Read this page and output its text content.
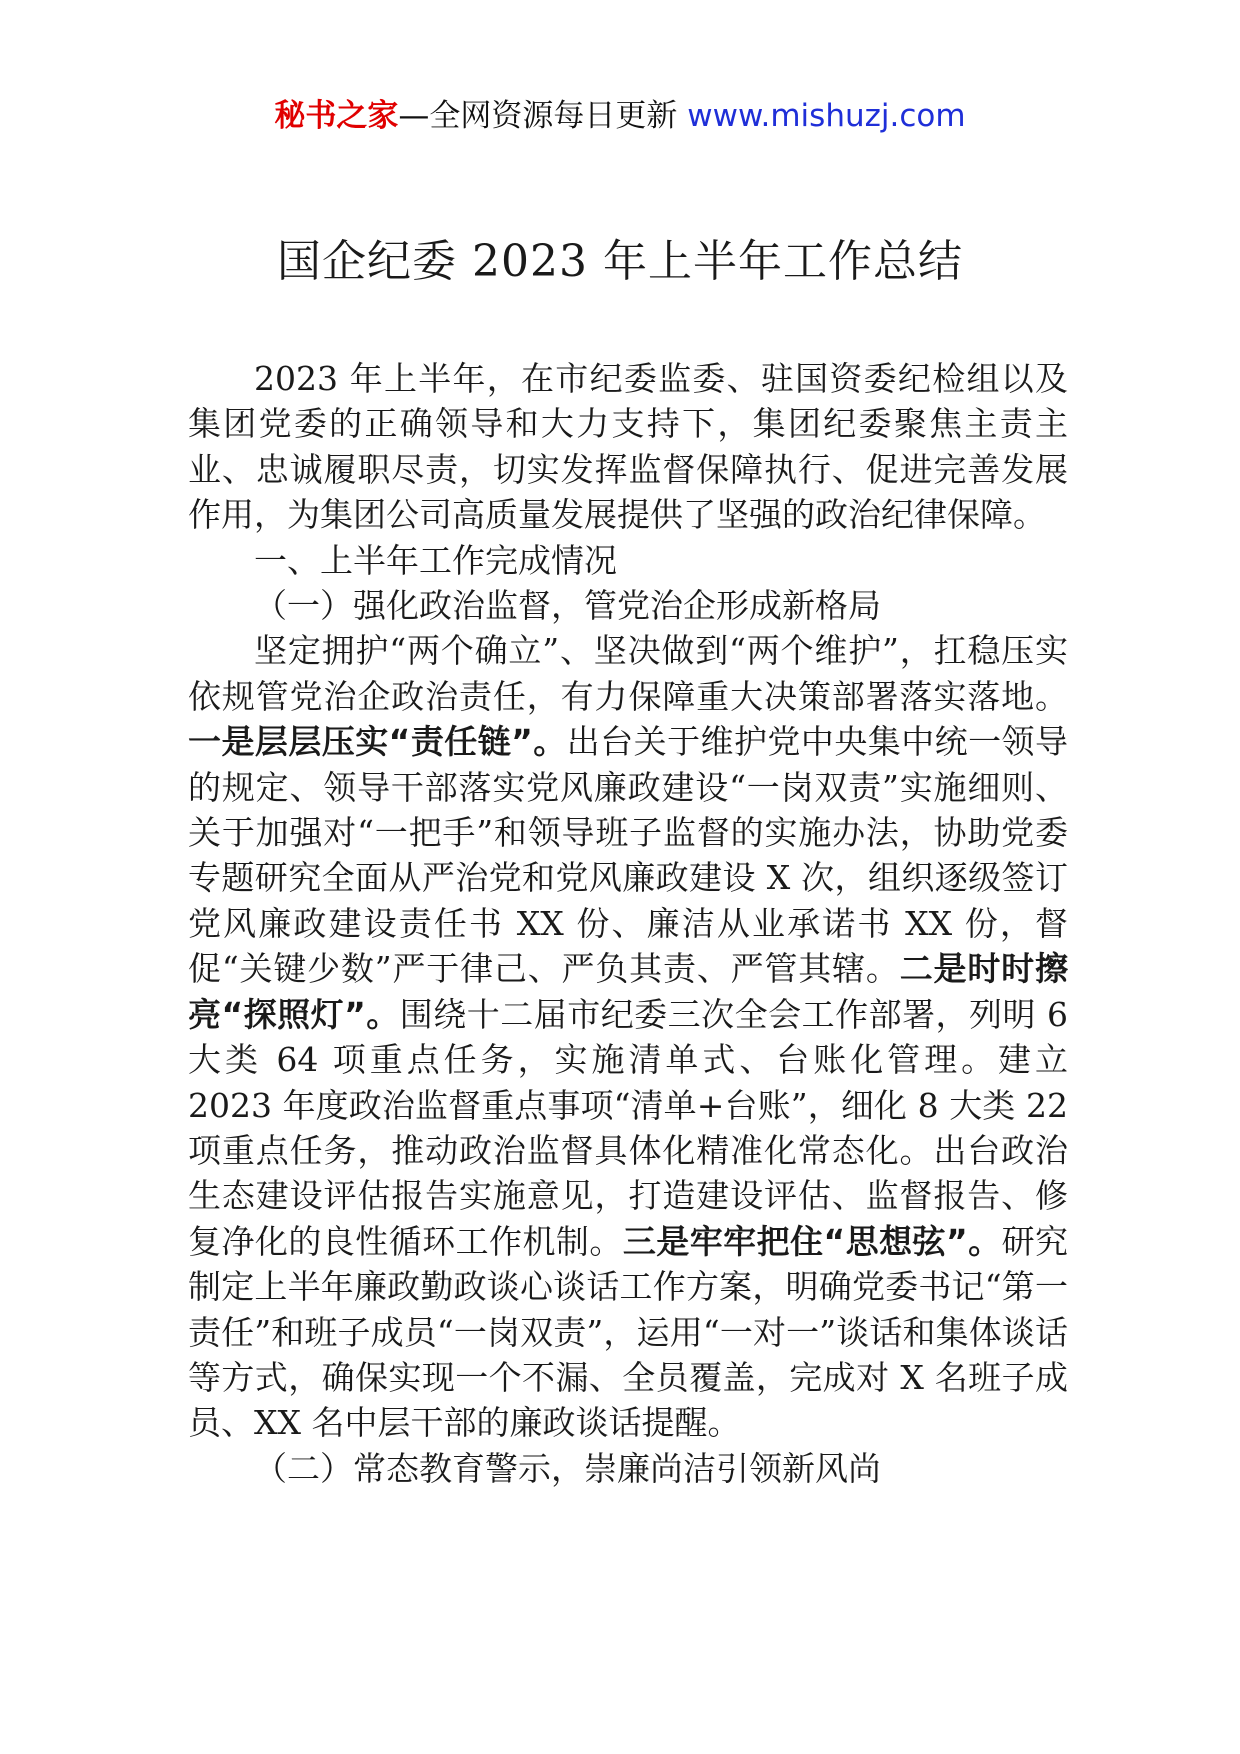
秘书之家—全网资源每日更新 www.mishuzj.com
国企纪委 2023 年上半年工作总结

2023 年上半年，在市纪委监委、驻国资委纪检组以及集团党委的正确领导和大力支持下，集团纪委聚焦主责主业、忠诚履职尽责，切实发挥监督保障执行、促进完善发展作用，为集团公司高质量发展提供了坚强的政治纪律保障。

一、上半年工作完成情况

（一）强化政治监督，管党治企形成新格局

坚定拥护“两个确立”、坚决做到“两个维护”，扛稳压实依规管党治企政治责任，有力保障重大决策部署落实落地。一是层层压实“责任链”。出台关于维护党中央集中统一领导的规定、领导干部落实党风廉政建设“一岗双责”实施细则、关于加强对“一把手”和领导班子监督的实施办法，协助党委专题研究全面从严治党和党风廉政建设 X 次，组织逐级签订党风廉政建设责任书 XX 份、廉洁从业承诺书 XX 份，督促“关键少数”严于律己、严负其责、严管其辖。二是时时擦亮“探照灯”。围绕十二届市纪委三次全会工作部署，列明 6 大类 64 项重点任务，实施清单式、台账化管理。建立 2023 年度政治监督重点事项“清单+台账”，细化 8 大类 22 项重点任务，推动政治监督具体化精准化常态化。出台政治生态建设评估报告实施意见，打造建设评估、监督报告、修复净化的良性循环工作机制。三是牢牢把住“思想弦”。研究制定上半年廉政勤政谈心谈话工作方案，明确党委书记“第一责任”和班子成员“一岗双责”，运用“一对一”谈话和集体谈话等方式，确保实现一个不漏、全员覆盖，完成对 X 名班子成员、XX 名中层干部的廉政谈话提醒。

（二）常态教育警示，崇廉尚洁引领新风尚
